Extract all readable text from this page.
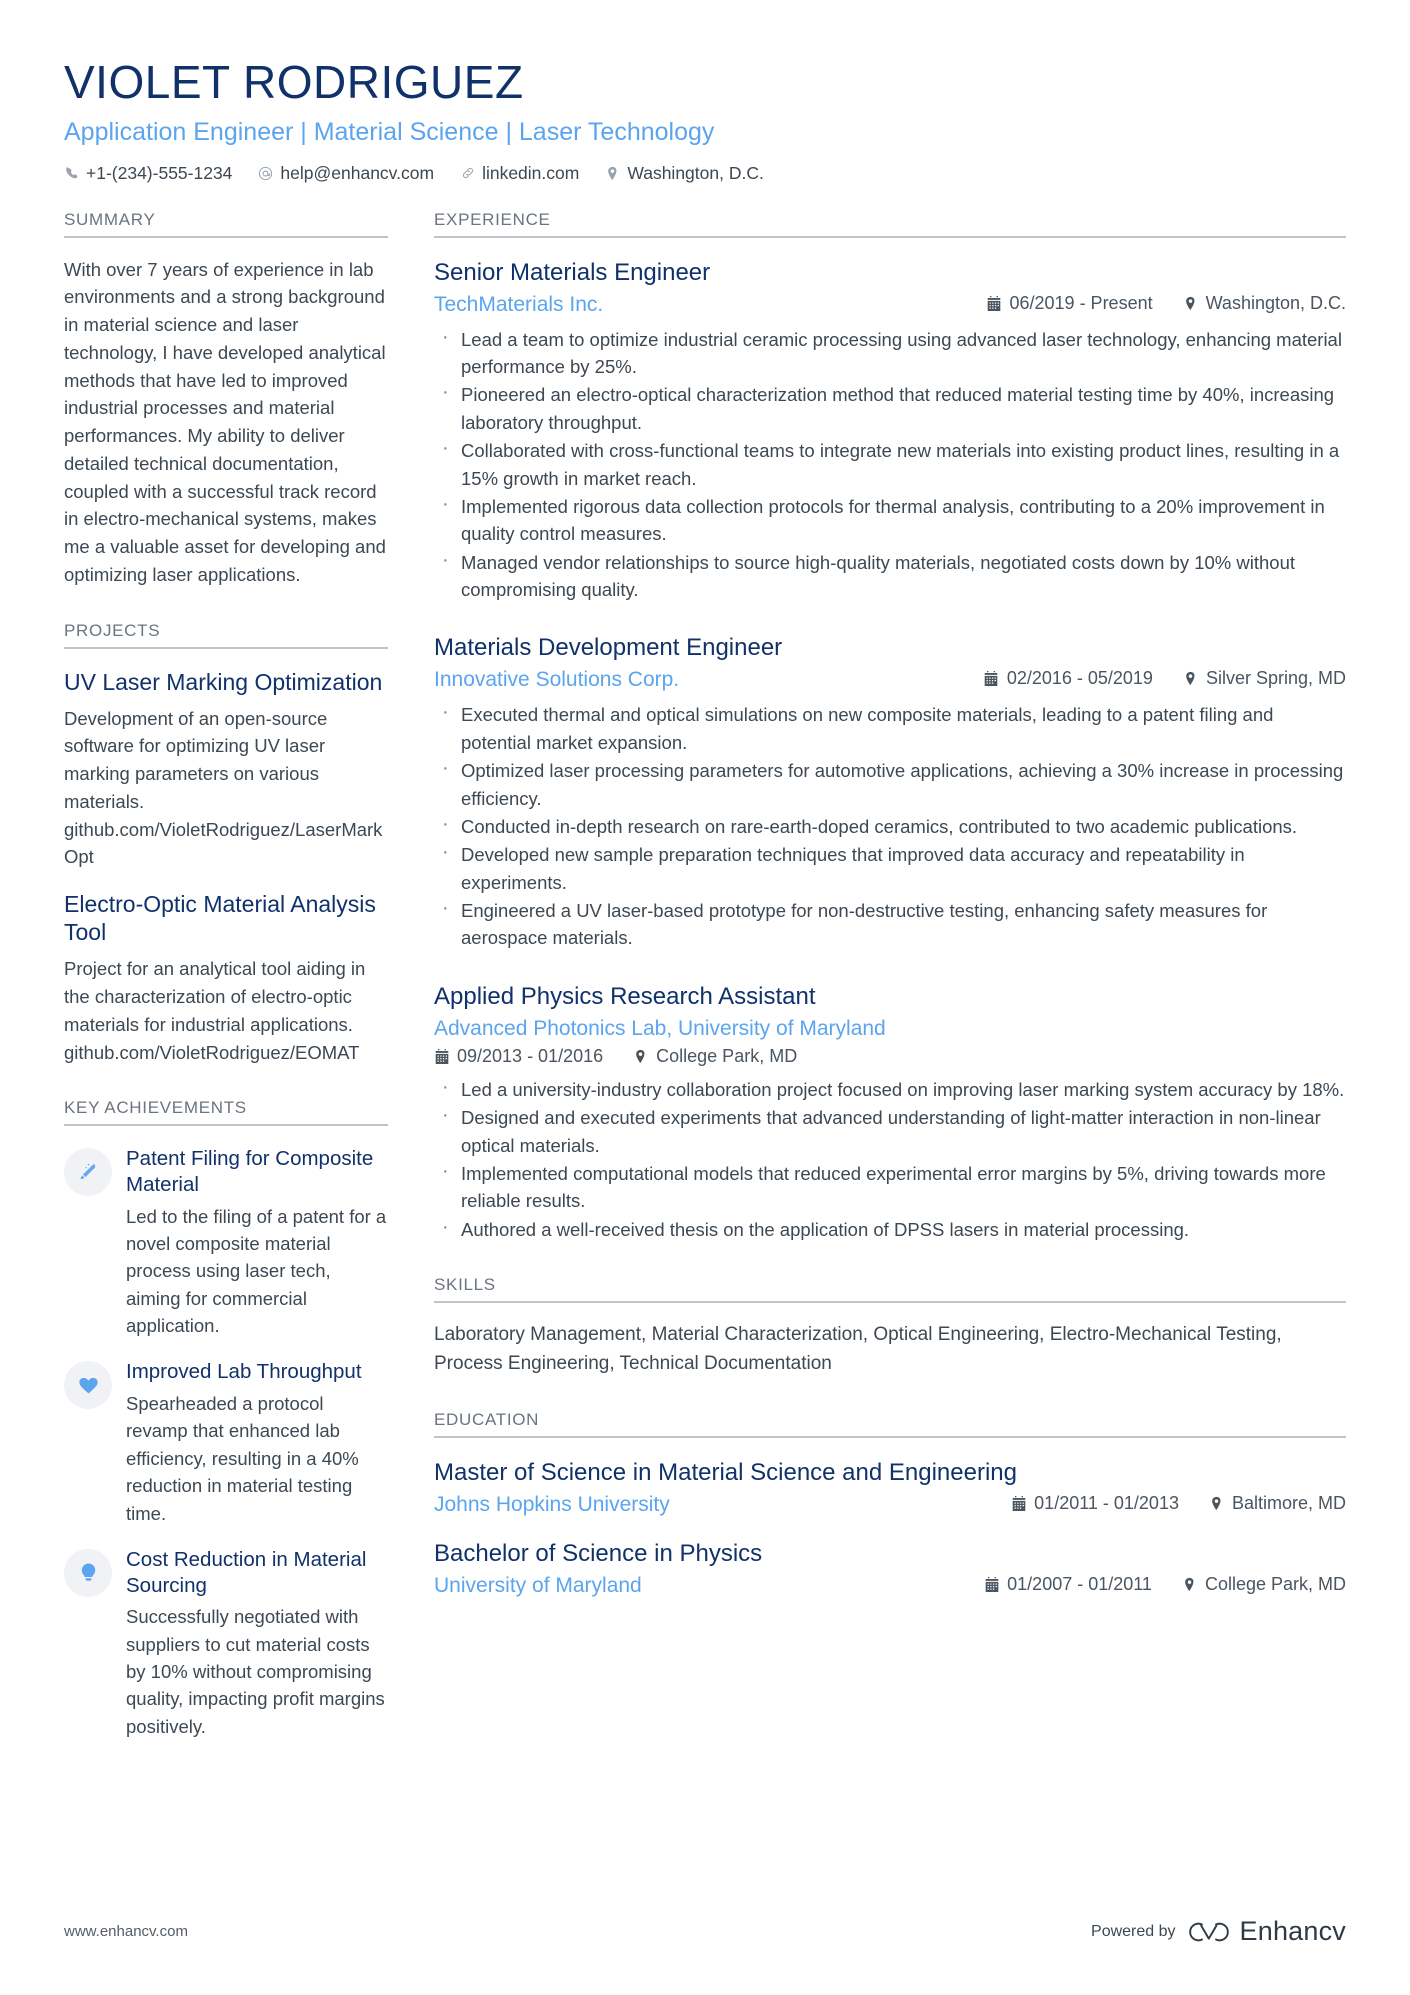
VIOLET RODRIGUEZ
Application Engineer | Material Science | Laser Technology
+1-(234)-555-1234	help@enhancv.com	linkedin.com	Washington, D.C.
SUMMARY

With over 7 years of experience in lab environments and a strong background in material science and laser technology, I have developed analytical methods that have led to improved industrial processes and material performances. My ability to deliver detailed technical documentation, coupled with a successful track record in electro-mechanical systems, makes me a valuable asset for developing and optimizing laser applications.

PROJECTS
UV Laser Marking Optimization

Development of an open-source software for optimizing UV laser marking parameters on various materials.

github.com/VioletRodriguez/LaserMarkOpt
Electro-Optic Material Analysis Tool

Project for an analytical tool aiding in the characterization of electro-optic materials for industrial applications.

github.com/VioletRodriguez/EOMAT
KEY ACHIEVEMENTS
Patent Filing for Composite Material

Led to the filing of a patent for a novel composite material process using laser tech, aiming for commercial application.

Improved Lab Throughput

Spearheaded a protocol revamp that enhanced lab efficiency, resulting in a 40% reduction in material testing time.

Cost Reduction in Material Sourcing

Successfully negotiated with suppliers to cut material costs by 10% without compromising quality, impacting profit margins positively.

EXPERIENCE
Senior Materials Engineer
TechMaterials Inc.	06/2019 - Present	Washington, D.C.
· Lead a team to optimize industrial ceramic processing using advanced laser technology, enhancing material performance by 25%.
· Pioneered an electro-optical characterization method that reduced material testing time by 40%, increasing laboratory throughput.
· Collaborated with cross-functional teams to integrate new materials into existing product lines, resulting in a 15% growth in market reach.
· Implemented rigorous data collection protocols for thermal analysis, contributing to a 20% improvement in quality control measures.
· Managed vendor relationships to source high-quality materials, negotiated costs down by 10% without compromising quality.
Materials Development Engineer
Innovative Solutions Corp.	02/2016 - 05/2019	Silver Spring, MD
· Executed thermal and optical simulations on new composite materials, leading to a patent filing and potential market expansion.
· Optimized laser processing parameters for automotive applications, achieving a 30% increase in processing efficiency.
· Conducted in-depth research on rare-earth-doped ceramics, contributed to two academic publications.
· Developed new sample preparation techniques that improved data accuracy and repeatability in experiments.
· Engineered a UV laser-based prototype for non-destructive testing, enhancing safety measures for aerospace materials.
Applied Physics Research Assistant
Advanced Photonics Lab, University of Maryland
09/2013 - 01/2016	College Park, MD
· Led a university-industry collaboration project focused on improving laser marking system accuracy by 18%.
· Designed and executed experiments that advanced understanding of light-matter interaction in non-linear optical materials.
· Implemented computational models that reduced experimental error margins by 5%, driving towards more reliable results.
· Authored a well-received thesis on the application of DPSS lasers in material processing.
SKILLS

Laboratory Management, Material Characterization, Optical Engineering, Electro-Mechanical Testing, Process Engineering, Technical Documentation

EDUCATION
Master of Science in Material Science and Engineering
Johns Hopkins University	01/2011 - 01/2013	Baltimore, MD
Bachelor of Science in Physics
University of Maryland	01/2007 - 01/2011	College Park, MD
www.enhancv.com	Powered by Enhancv
